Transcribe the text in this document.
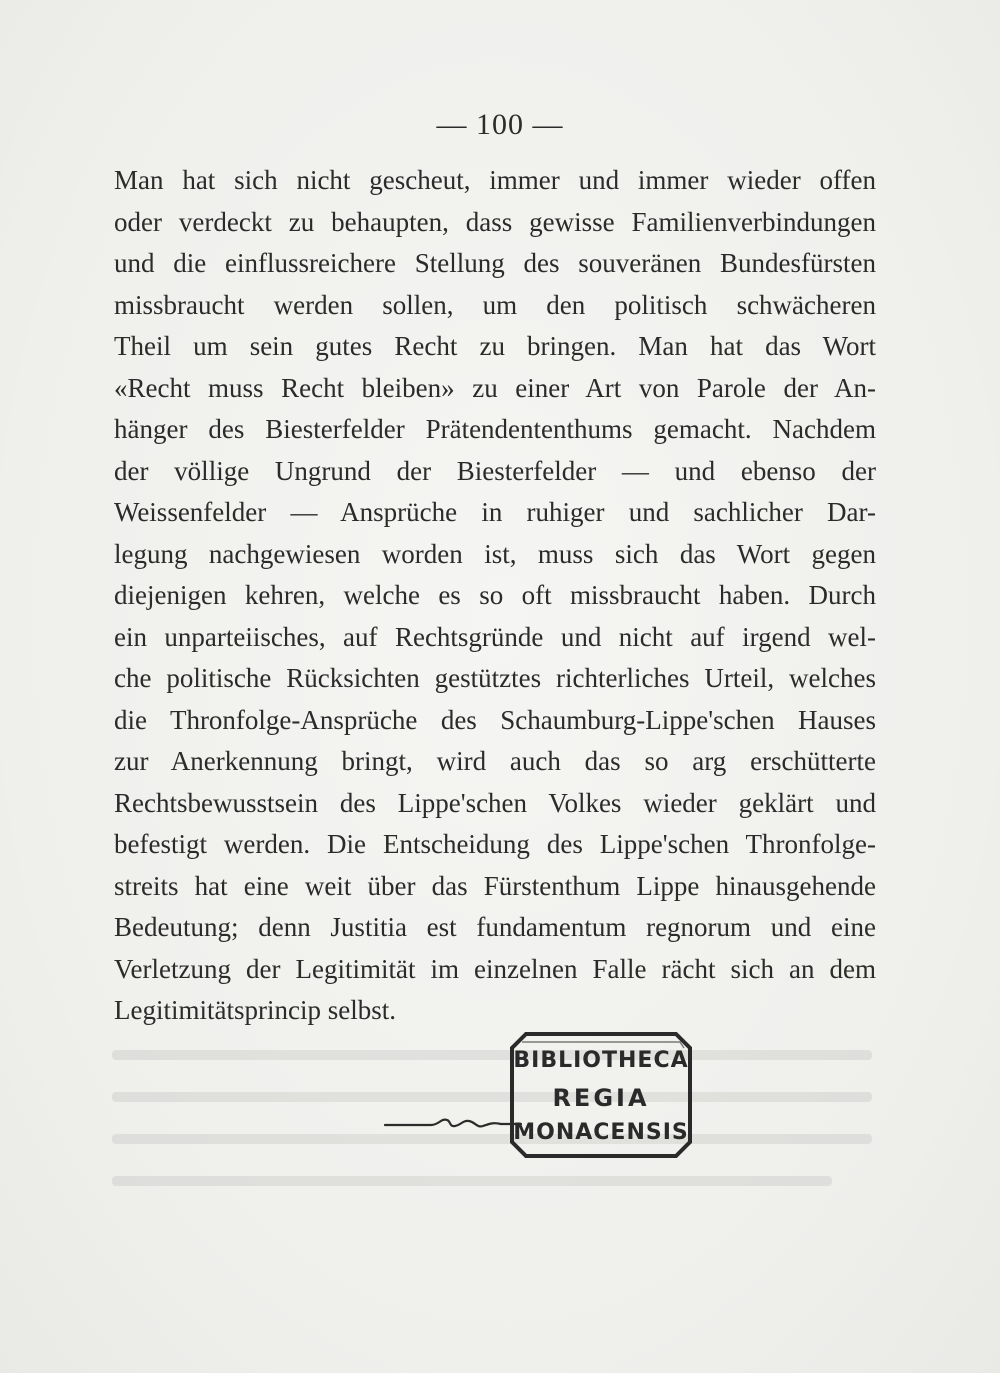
— 100 —
Man hat sich nicht gescheut, immer und immer wieder offen
oder verdeckt zu behaupten, dass gewisse Familienverbindungen
und die einflussreichere Stellung des souveränen Bundesfürsten
missbraucht werden sollen, um den politisch schwächeren
Theil um sein gutes Recht zu bringen. Man hat das Wort
«Recht muss Recht bleiben» zu einer Art von Parole der An-
hänger des Biesterfelder Prätendententhums gemacht. Nachdem
der völlige Ungrund der Biesterfelder — und ebenso der
Weissenfelder — Ansprüche in ruhiger und sachlicher Dar-
legung nachgewiesen worden ist, muss sich das Wort gegen
diejenigen kehren, welche es so oft missbraucht haben. Durch
ein unparteiisches, auf Rechtsgründe und nicht auf irgend wel-
che politische Rücksichten gestütztes richterliches Urteil, welches
die Thronfolge-Ansprüche des Schaumburg-Lippe'schen Hauses
zur Anerkennung bringt, wird auch das so arg erschütterte
Rechtsbewusstsein des Lippe'schen Volkes wieder geklärt und
befestigt werden. Die Entscheidung des Lippe'schen Thronfolge-
streits hat eine weit über das Fürstenthum Lippe hinausgehende
Bedeutung; denn Justitia est fundamentum regnorum und eine
Verletzung der Legitimität im einzelnen Falle rächt sich an dem
Legitimitätsprincip selbst.
BIBLIOTHECA
REGIA
MONACENSIS
